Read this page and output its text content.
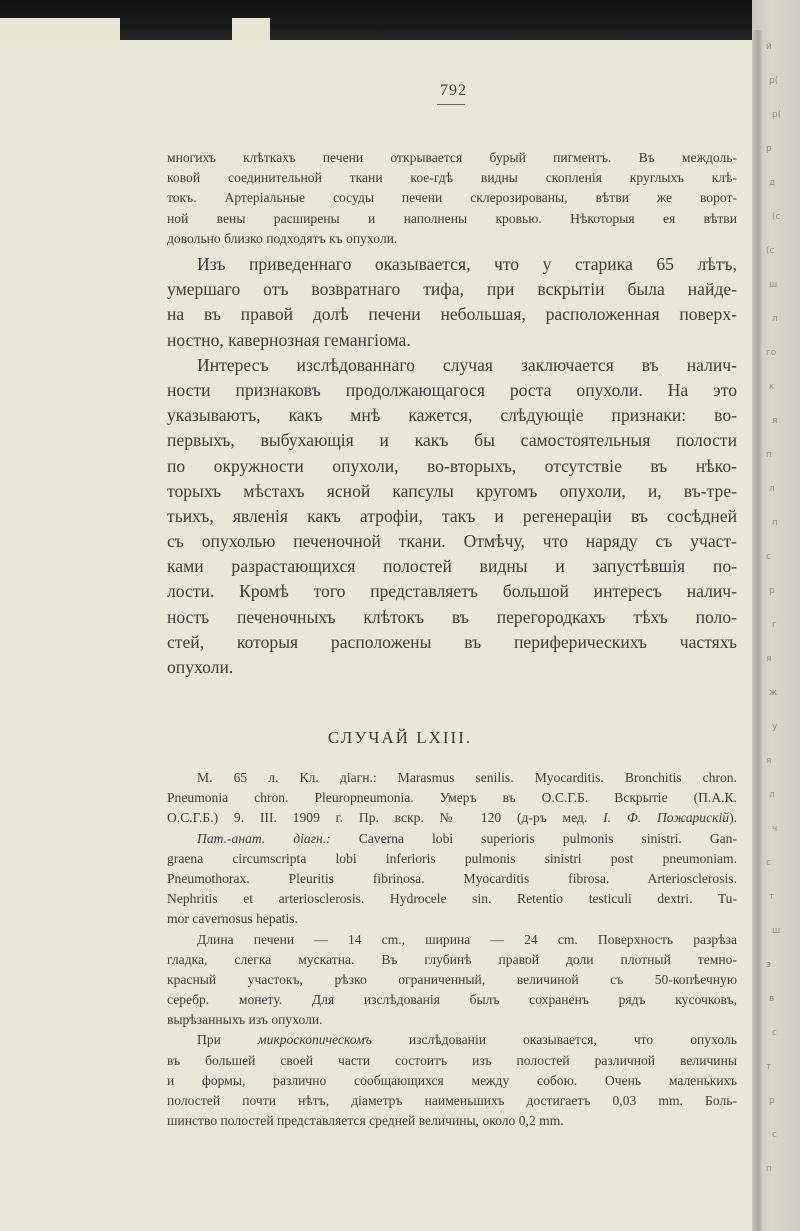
й
р(
р(
р
д
(с
(с
ш
л
го
к
я
п
л
п
с
р
г
я
ж
у
я
л
ч
с
т
ш
э
в
с
т
р
с
п
792
многихъ клѣткахъ печени открывается бурый пигментъ. Въ междоль-
ковой соединительной ткани кое-гдѣ видны скопленія круглыхъ клѣ-
токъ. Артеріальные сосуды печени склерозированы, вѣтви же ворот-
ной вены расширены и наполнены кровью. Нѣкоторыя ея вѣтви
довольно близко подходятъ къ опухоли.
Изъ приведеннаго оказывается, что у старика 65 лѣтъ,
умершаго отъ возвратнаго тифа, при вскрытіи была найде-
на въ правой долѣ печени небольшая, расположенная поверх-
ностно, кавернозная гемангіома.
Интересъ изслѣдованнаго случая заключается въ налич-
ности признаковъ продолжающагося роста опухоли. На это
указываютъ, какъ мнѣ кажется, слѣдующіе признаки: во-
первыхъ, выбухающія и какъ бы самостоятельныя полости
по окружности опухоли, во-вторыхъ, отсутствіе въ нѣко-
торыхъ мѣстахъ ясной капсулы кругомъ опухоли, и, въ-тре-
тьихъ, явленія какъ атрофіи, такъ и регенераціи въ сосѣдней
съ опухолью печеночной ткани. Отмѣчу, что наряду съ участ-
ками разрастающихся полостей видны и запустѣвшія по-
лости. Кромѣ того представляетъ большой интересъ налич-
ность печеночныхъ клѣтокъ въ перегородкахъ тѣхъ поло-
стей, которыя расположены въ периферическихъ частяхъ
опухоли.
СЛУЧАЙ LXIII.
М. 65 л. Кл. діагн.: Marasmus senilis. Myocarditis. Bronchitis chron.
Pneumonia chron. Pleuropneumonia. Умеръ въ О.С.Г.Б. Вскрытіе (П.А.К.
О.С.Г.Б.) 9. III. 1909 г. Пр. вскр. № 120 (д-ръ мед. I. Ф. Пожарискій).
Пат.-анат. діагн.: Caverna lobi superioris pulmonis sinistri. Gan-
graena circumscripta lobi inferioris pulmonis sinistri post pneumoniam.
Pneumothorax. Pleuritis fibrinosa. Myocarditis fibrosa. Arteriosclerosis.
Nephritis et arteriosclerosis. Hydrocele sin. Retentio testiculi dextri. Tu-
mor cavernosus hepatis.
Длина печени — 14 cm., ширина — 24 cm. Поверхность разрѣза
гладка, слегка мускатна. Въ глубинѣ правой доли плотный темно-
красный участокъ, рѣзко ограниченный, величиной съ 50-копѣечную
серебр. монету. Для изслѣдованія былъ сохраненъ рядъ кусочковъ,
вырѣзанныхъ изъ опухоли.
При микроскопическомъ изслѣдованіи оказывается, что опухоль
въ большей своей части состоитъ изъ полостей различной величины
и формы, различно сообщающихся между собою. Очень маленькихъ
полостей почти нѣтъ, діаметръ наименьшихъ достигаетъ 0,03 mm. Боль-
шинство полостей представляется средней величины, около 0,2 mm.
